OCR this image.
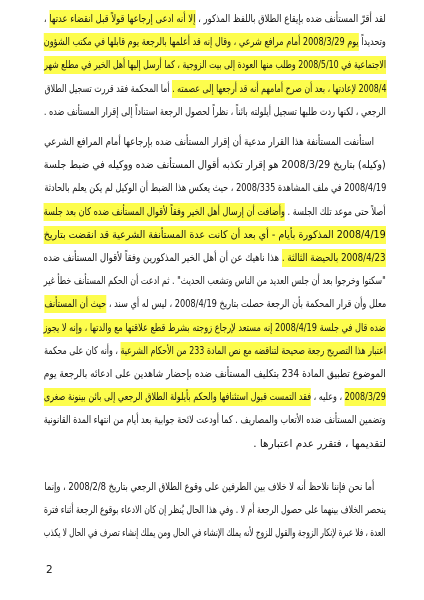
2
لقد أقرّ المستأنف ضده بإيقاع الطلاق باللفظ المذكور ، إلا أنه ادعى إرجاعها قولاً قبل انقضاء عدتها ،
وتحديداً يوم 2008/3/29 أمام مرافع شرعي ، وقال إنه قد أعلمها بالرجعة يوم قابلها في مكتب الشؤون
الاجتماعية في 2008/5/10 وطلب منها العودة إلى بيت الزوجية ، كما أرسل إليها أهل الخير في مطلع شهر
2008/4 لإعادتها ، بعد أن صرح أمامهم أنه قد أرجعها إلى عصمته . أما المحكمة فقد قررت تسجيل الطلاق
الرجعي ، لكنها ردت طلبها تسجيل أيلولته بائناً ، نظراً لحصول الرجعة استناداً إلى إقرار المستأنف ضده .
استأنفت المستأنفة هذا القرار مدعية أن إقرار المستأنف ضده بإرجاعها أمام المرافع الشرعي
(وكيله) بتاريخ 2008/3/29 هو إقرار تكذبه أقوال المستأنف ضده ووكيله في ضبط جلسة
2008/4/19 في ملف المشاهدة 2008/335 ، حيث يعكس هذا الضبط أن الوكيل لم يكن يعلم بالحادثة
أصلاً حتى موعد تلك الجلسة . وأضافت أن إرسال أهل الخير وفقاً لأقوال المستأنف ضده كان بعد جلسة
2008/4/19 المذكورة بأيام - أي بعد أن كانت عدة المستأنفة الشرعية قد انقضت بتاريخ
2008/4/23 بالحيضة الثالثة . هذا ناهيك عن أن أهل الخير المذكورين وفقاً لأقوال المستأنف ضده
"سكتوا وخرجوا بعد أن جلس العديد من الناس وتشعب الحديث" . ثم ادعت أن الحكم المستأنف خطأ غير
معلل وأن قرار المحكمة بأن الرجعة حصلت بتاريخ 2008/4/19 ، ليس له أي سند ، حيث أن المستأنف
ضده قال في جلسة 2008/4/19 إنه مستعد لإرجاع زوجته بشرط قطع علاقتها مع والدتها ، وإنه لا يجوز
اعتبار هذا التصريح رجعة صحيحة لتناقضه مع نص المادة 233 من الأحكام الشرعية ، وأنه كان على محكمة
الموضوع تطبيق المادة 234 بتكليف المستأنف ضده بإحضار شاهدين على ادعائه بالرجعة يوم
2008/3/29 ، وعليه ، فقد التمست قبول استئنافها والحكم بأيلولة الطلاق الرجعي إلى بائن بينونة صغرى
وتضمين المستأنف ضده الأتعاب والمصاريف . كما أودعت لائحة جوابية بعد أيام من انتهاء المدة القانونية
لتقديمها ، فتقرر عدم اعتبارها .
أما نحن فإننا نلاحظ أنه لا خلاف بين الطرفين على وقوع الطلاق الرجعي بتاريخ 2008/2/8 ، وإنما
ينحصر الخلاف بينهما على حصول الرجعة أم لا . وفي هذا الحال يُنظر إن كان الادعاء بوقوع الرجعة أثناء فترة
العدة ، فلا عبرة لإنكار الزوجة والقول للزوج لأنه يملك الإنشاء في الحال ومن يملك إنشاء تصرف في الحال لا يكذب
